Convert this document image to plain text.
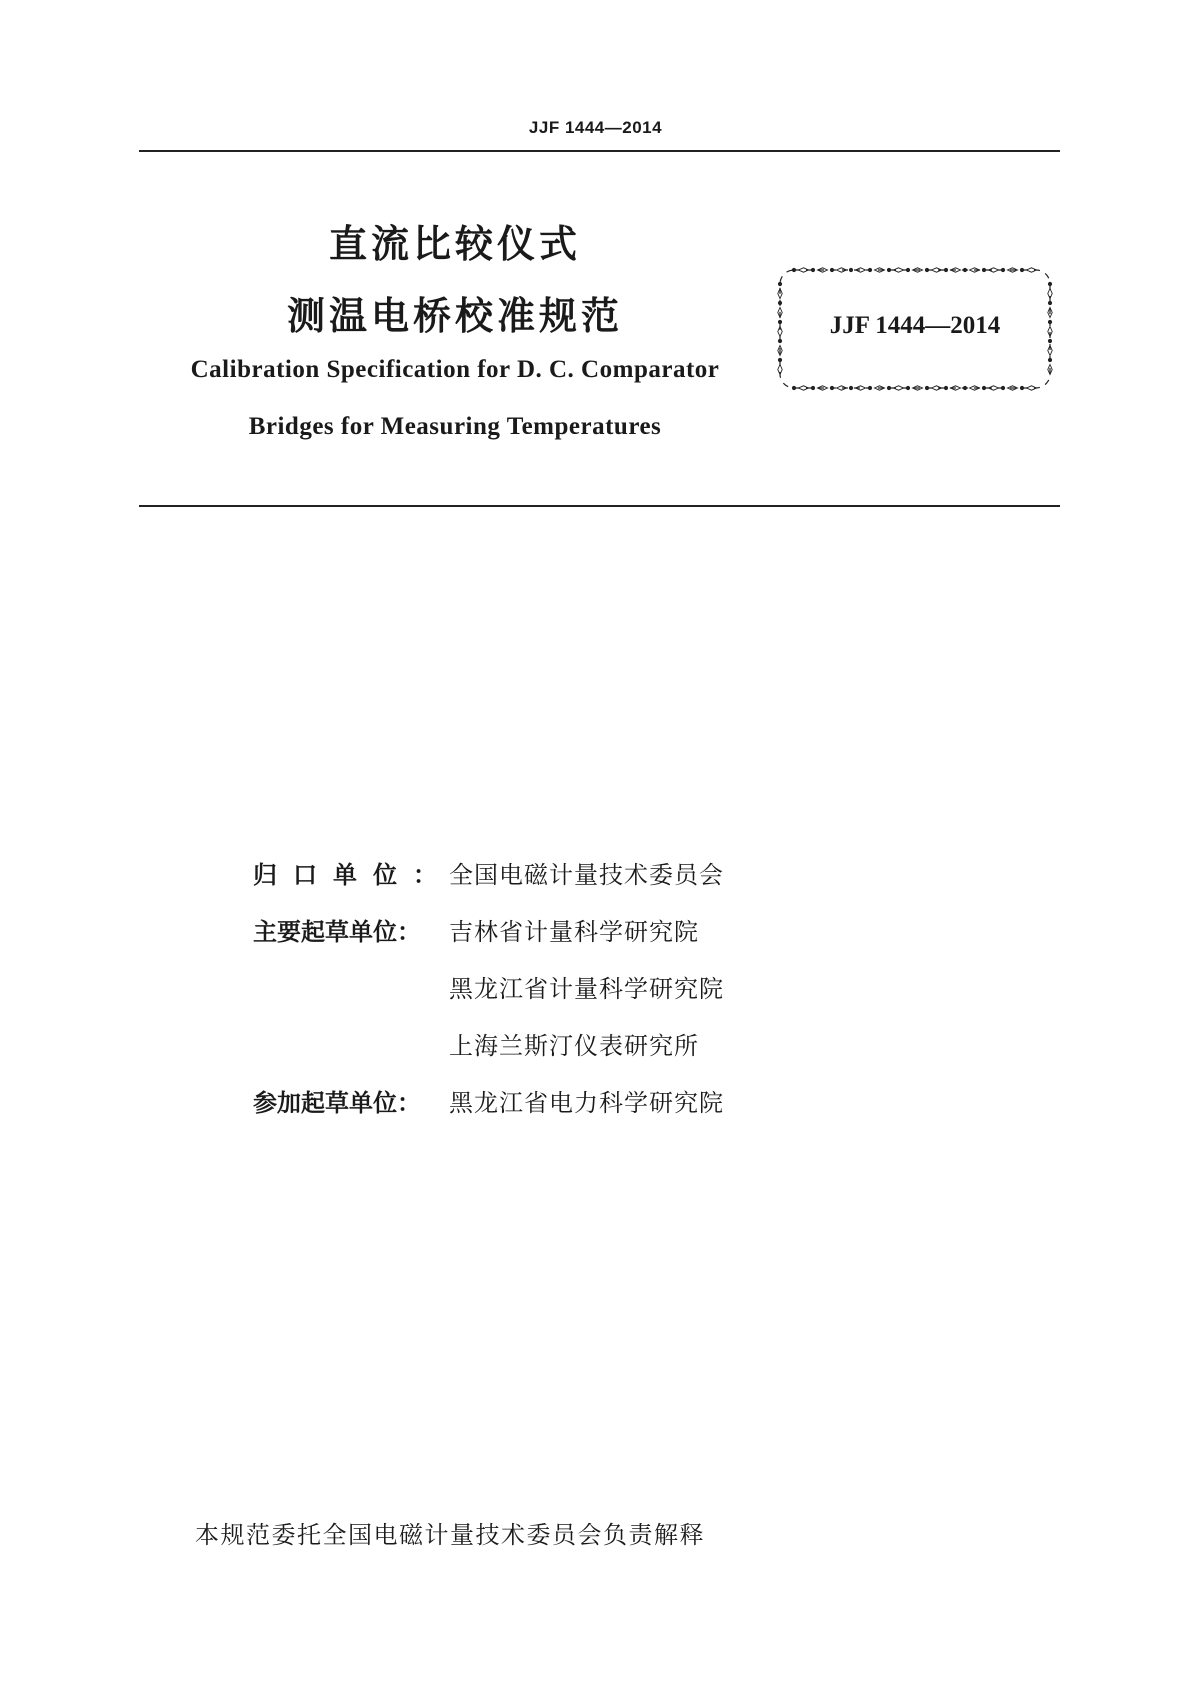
JJF 1444—2014
直流比较仪式
测温电桥校准规范
Calibration Specification for D. C. Comparator
Bridges for Measuring Temperatures
JJF 1444—2014
归口单位：
全国电磁计量技术委员会
主要起草单位：	吉林省计量科学研究院
黑龙江省计量科学研究院
上海兰斯汀仪表研究所
参加起草单位：	黑龙江省电力科学研究院
本规范委托全国电磁计量技术委员会负责解释
